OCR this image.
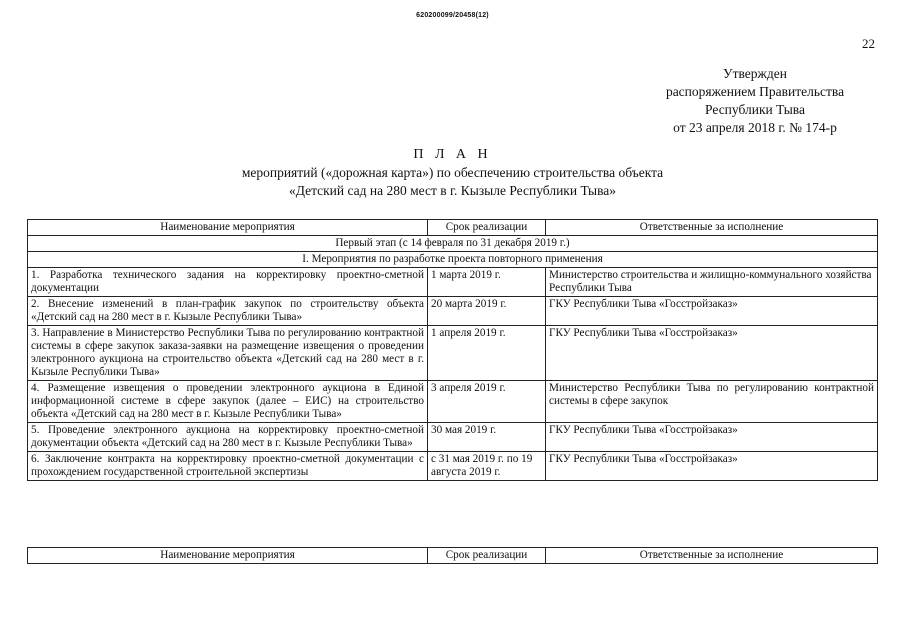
620200099/20458(12)
22
Утвержден
распоряжением Правительства
Республики Тыва
от 23 апреля 2018 г. № 174-р
П Л А Н
мероприятий («дорожная карта») по обеспечению строительства объекта
«Детский сад на 280 мест в г. Кызыле Республики Тыва»
Наименование мероприятия	Срок реализации	Ответственные за исполнение
Первый этап (с 14 февраля по 31 декабря 2019 г.)		
I. Мероприятия по разработке проекта повторного применения		
1. Разработка технического задания на корректировку проектно-сметной документации	1 марта 2019 г.	Министерство строительства и жилищно-коммунального хозяйства Республики Тыва
2. Внесение изменений в план-график закупок по строительству объекта «Детский сад на 280 мест в г. Кызыле Республики Тыва»	20 марта 2019 г.	ГКУ Республики Тыва «Госстройзаказ»
3. Направление в Министерство Республики Тыва по регулированию контрактной системы в сфере закупок заказа-заявки на размещение извещения о проведении электронного аукциона на строительство объекта «Детский сад на 280 мест в г. Кызыле Республики Тыва»	1 апреля 2019 г.	ГКУ Республики Тыва «Госстройзаказ»
4. Размещение извещения о проведении электронного аукциона в Единой информационной системе в сфере закупок (далее – ЕИС) на строительство объекта «Детский сад на 280 мест в г. Кызыле Республики Тыва»	3 апреля 2019 г.	Министерство Республики Тыва по регулированию контрактной системы в сфере закупок
5. Проведение электронного аукциона на корректировку проектно-сметной документации объекта «Детский сад на 280 мест в г. Кызыле Республики Тыва»	30 мая 2019 г.	ГКУ Республики Тыва «Госстройзаказ»
6. Заключение контракта на корректировку проектно-сметной документации с прохождением государственной строительной экспертизы	с 31 мая 2019 г. по 19 августа 2019 г.	ГКУ Республики Тыва «Госстройзаказ»
Наименование мероприятия	Срок реализации	Ответственные за исполнение
